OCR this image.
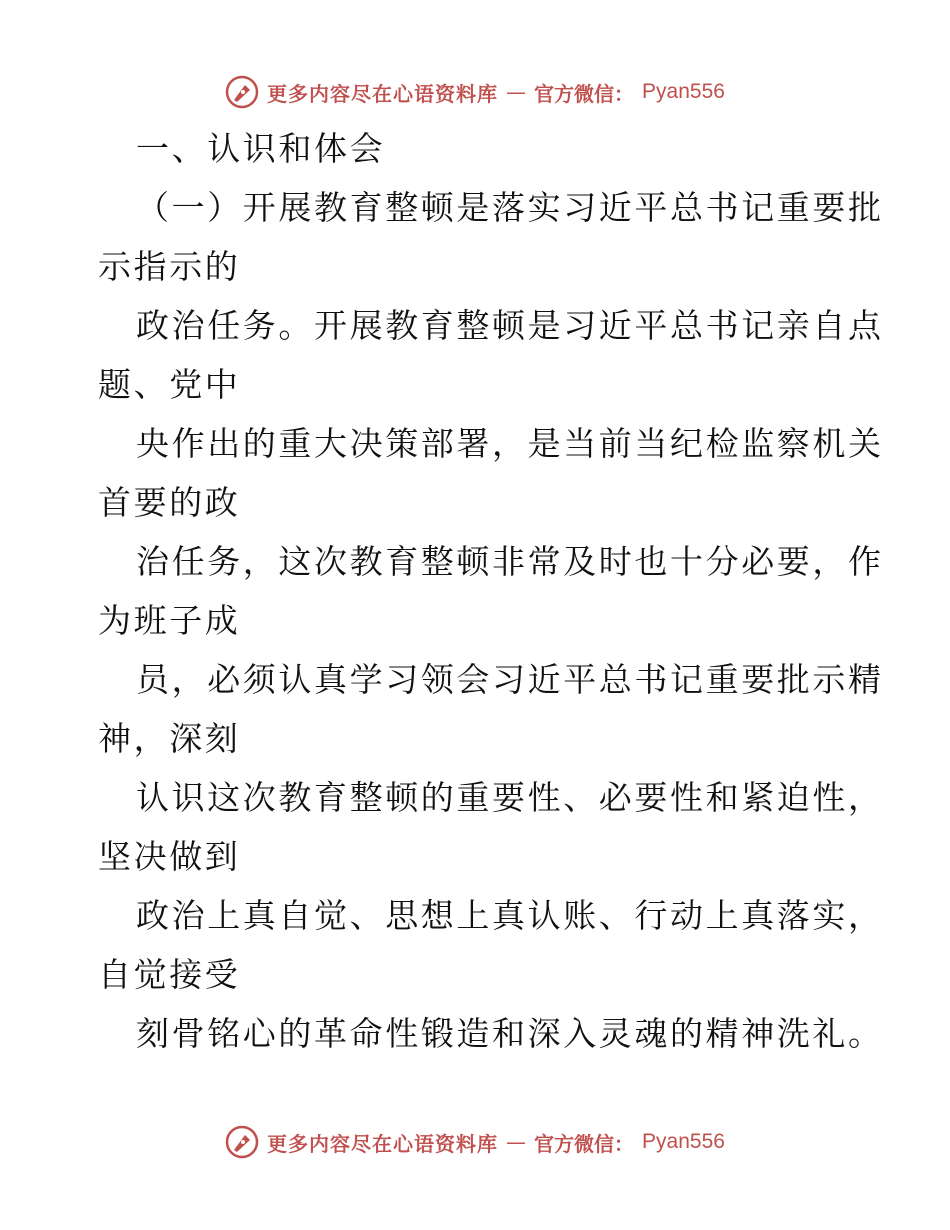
更多内容尽在心语资料库 — 官方微信： Pyan556
一、认识和体会
（一）开展教育整顿是落实习近平总书记重要批
示指示的
政治任务。开展教育整顿是习近平总书记亲自点
题、党中
央作出的重大决策部署，是当前当纪检监察机关
首要的政
治任务，这次教育整顿非常及时也十分必要，作
为班子成
员，必须认真学习领会习近平总书记重要批示精
神，深刻
认识这次教育整顿的重要性、必要性和紧迫性，
坚决做到
政治上真自觉、思想上真认账、行动上真落实，
自觉接受
刻骨铭心的革命性锻造和深入灵魂的精神洗礼。
更多内容尽在心语资料库 — 官方微信： Pyan556
